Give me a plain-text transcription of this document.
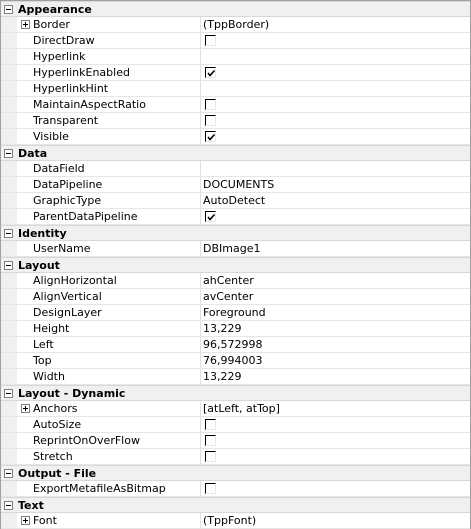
Appearance
Border	(TppBorder)
DirectDraw
Hyperlink
HyperlinkEnabled
HyperlinkHint
MaintainAspectRatio
Transparent
Visible
Data
DataField
DataPipeline	DOCUMENTS
GraphicType	AutoDetect
ParentDataPipeline
Identity
UserName	DBImage1
Layout
AlignHorizontal	ahCenter
AlignVertical	avCenter
DesignLayer	Foreground
Height	13,229
Left	96,572998
Top	76,994003
Width	13,229
Layout - Dynamic
Anchors	[atLeft, atTop]
AutoSize
ReprintOnOverFlow
Stretch
Output - File
ExportMetafileAsBitmap
Text
Font	(TppFont)
